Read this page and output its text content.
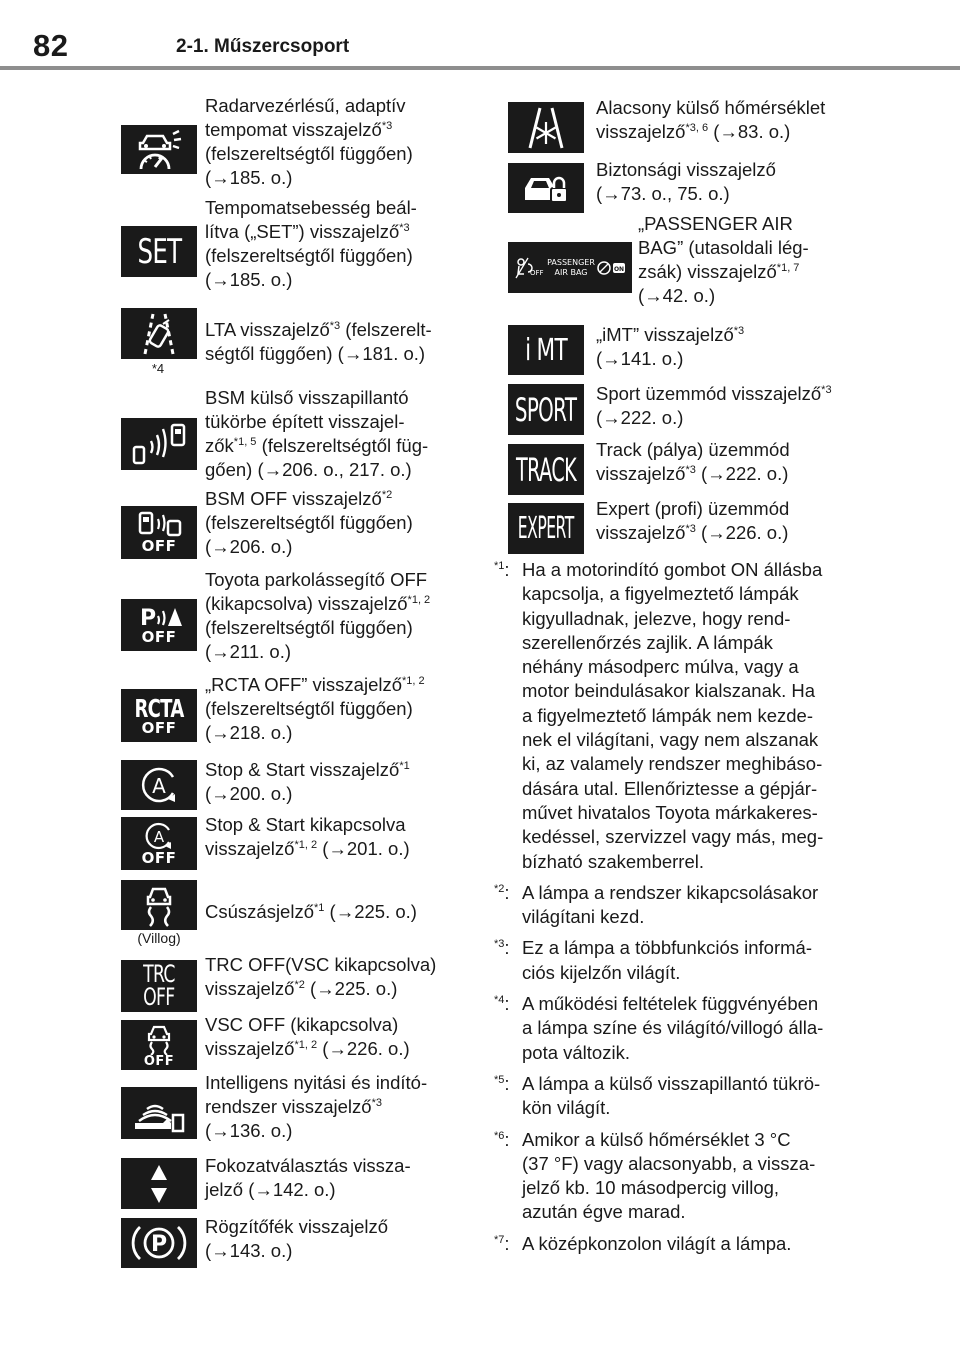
82	2-1. Műszercsoport
Radarvezérlésű, adaptív
tempomat visszajelző$^{*3}$
(felszereltségtől függően)
(→185. o.)
SET
Tempomatsebesség beál-
lítva („SET”) visszajelző$^{*3}$
(felszereltségtől függően)
(→185. o.)
*4
LTA visszajelző$^{*3}$ (felszerelt-
ségtől függően) (→181. o.)
BSM külső visszapillantó
tükörbe épített visszajel-
zők$^{*1, 5}$ (felszereltségtől füg-
gően) (→206. o., 217. o.)
OFF
BSM OFF visszajelző$^{*2}$
(felszereltségtől függően)
(→206. o.)
P
OFF
Toyota parkolássegítő OFF
(kikapcsolva) visszajelző$^{*1, 2}$
(felszereltségtől függően)
(→211. o.)
RCTA
OFF
„RCTA OFF” visszajelző$^{*1, 2}$
(felszereltségtől függően)
(→218. o.)
A
Stop & Start visszajelző$^{*1}$
(→200. o.)
A
OFF
Stop & Start kikapcsolva
visszajelző$^{*1, 2}$ (→201. o.)
(Villog)
Csúszásjelző$^{*1}$ (→225. o.)
TRC
OFF
TRC OFF(VSC kikapcsolva)
visszajelző$^{*2}$ (→225. o.)
OFF
VSC OFF (kikapcsolva)
visszajelző$^{*1, 2}$ (→226. o.)
Intelligens nyitási és indító-
rendszer visszajelző$^{*3}$
(→136. o.)
Fokozatválasztás vissza-
jelző (→142. o.)
P
Rögzítőfék visszajelző
(→143. o.)
Alacsony külső hőmérséklet
visszajelző$^{*3, 6}$ (→83. o.)
Biztonsági visszajelző
(→73. o., 75. o.)
OFF
PASSENGER
AIR BAG	ON
„PASSENGER AIR
BAG” (utasoldali lég-
zsák) visszajelző$^{*1, 7}$
(→42. o.)
i MT „iMT” visszajelző$^{*3}$
(→141. o.)
SPORT Sport üzemmód visszajelző$^{*3}$
(→222. o.)
TRACK
Track (pálya) üzemmód
visszajelző$^{*3}$ (→222. o.)
EXPERT
Expert (profi) üzemmód
visszajelző$^{*3}$ (→226. o.)
$^{*1}$: Ha a motorindító gombot ON állásba
kapcsolja, a figyelmeztető lámpák
kigyulladnak, jelezve, hogy rend-
szerellenőrzés zajlik. A lámpák
néhány másodperc múlva, vagy a
motor beindulásakor kialszanak. Ha
a figyelmeztető lámpák nem kezde-
nek el világítani, vagy nem alszanak
ki, az valamely rendszer meghibáso-
dására utal. Ellenőriztesse a gépjár-
művet hivatalos Toyota márkakeres-
kedéssel, szervizzel vagy más, meg-
bízható szakemberrel.
$^{*2}$: A lámpa a rendszer kikapcsolásakor
világítani kezd.
$^{*3}$: Ez a lámpa a többfunkciós informá-
ciós kijelzőn világít.
$^{*4}$: A működési feltételek függvényében
a lámpa színe és világító/villogó álla-
pota változik.
$^{*5}$: A lámpa a külső visszapillantó tükrö-
kön világít.
$^{*6}$: Amikor a külső hőmérséklet 3 °C
(37 °F) vagy alacsonyabb, a vissza-
jelző kb. 10 másodpercig villog,
azután égve marad.
$^{*7}$: A középkonzolon világít a lámpa.
